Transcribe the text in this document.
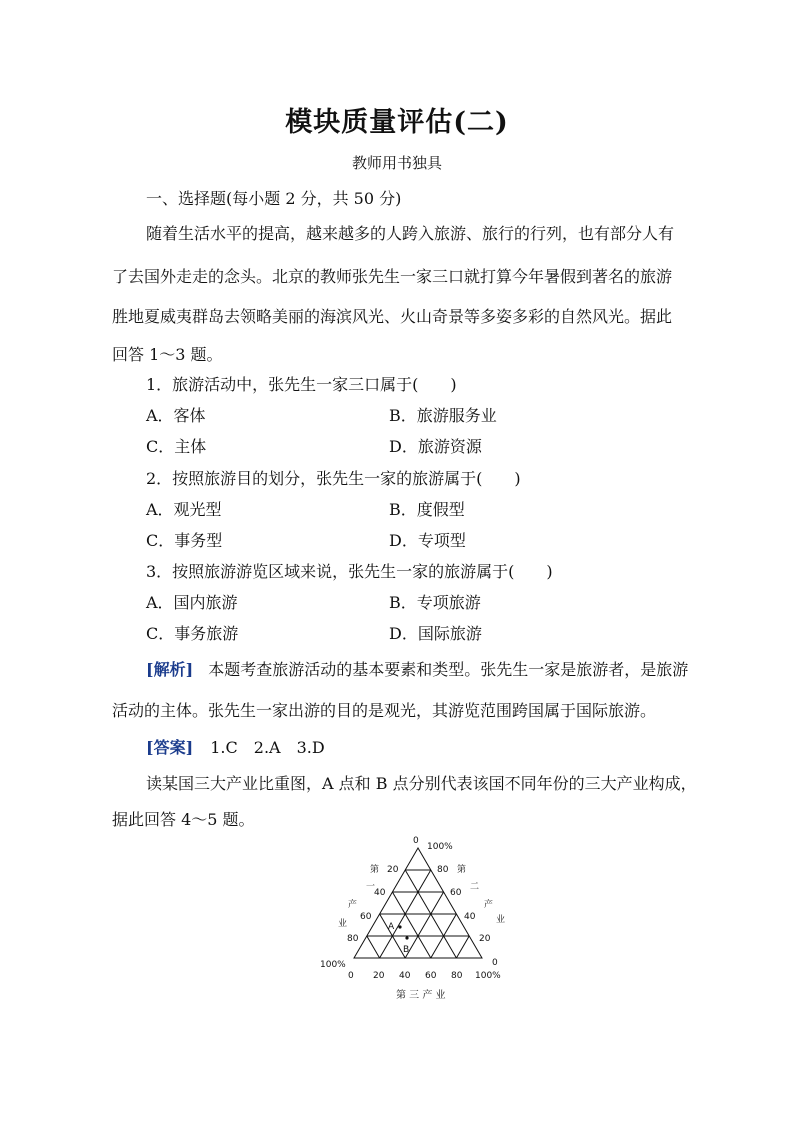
模块质量评估(二)
教师用书独具
一、选择题(每小题 2 分，共 50 分)
随着生活水平的提高，越来越多的人跨入旅游、旅行的行列，也有部分人有
了去国外走走的念头。北京的教师张先生一家三口就打算今年暑假到著名的旅游
胜地夏威夷群岛去领略美丽的海滨风光、火山奇景等多姿多彩的自然风光。据此
回答 1～3 题。
1．旅游活动中，张先生一家三口属于(　　)
A．客体	B．旅游服务业
C．主体	D．旅游资源
2．按照旅游目的划分，张先生一家的旅游属于(　　)
A．观光型	B．度假型
C．事务型	D．专项型
3．按照旅游游览区域来说，张先生一家的旅游属于(　　)
A．国内旅游	B．专项旅游
C．事务旅游	D．国际旅游
[解析] 本题考查旅游活动的基本要素和类型。张先生一家是旅游者，是旅游
活动的主体。张先生一家出游的目的是观光，其游览范围跨国属于国际旅游。
[答案] 1.C　2.A　3.D
读某国三大产业比重图，A 点和 B 点分别代表该国不同年份的三大产业构成，
据此回答 4～5 题。
0
100%
20
40
60
80
100%
第
一
产
业
80
60
40
20
0
第
二
产
业
0 20 40 60 80 100%
第 三 产 业
A
B
